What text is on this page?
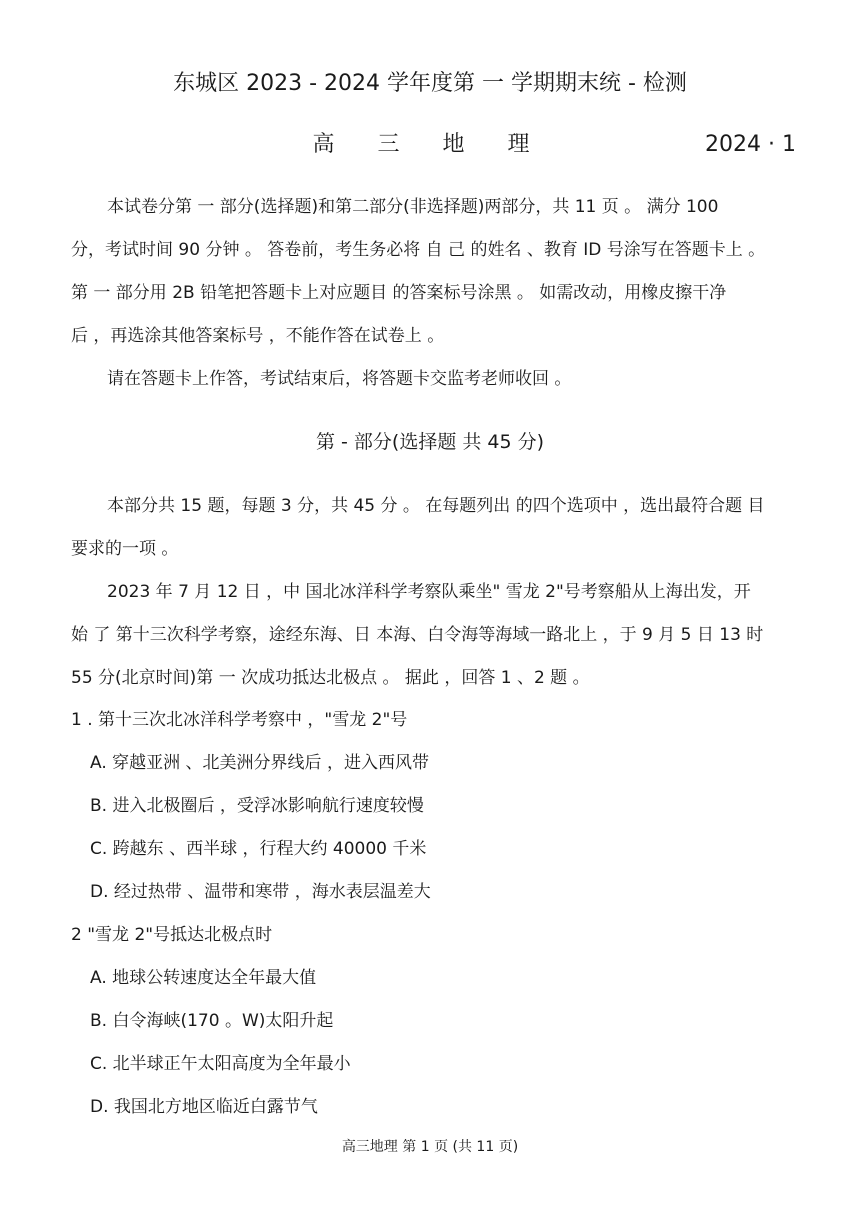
东城区 2023 - 2024 学年度第 一 学期期末统 - 检测
高 三 地 理	2024 · 1
本试卷分第 一 部分(选择题)和第二部分(非选择题)两部分，共 11 页 。 满分 100
分，考试时间 90 分钟 。 答卷前，考生务必将 自 己 的姓名 、教育 ID 号涂写在答题卡上 。
第 一 部分用 2B 铅笔把答题卡上对应题目 的答案标号涂黑 。 如需改动，用橡皮擦干净
后 ，再选涂其他答案标号 ，不能作答在试卷上 。
请在答题卡上作答，考试结束后，将答题卡交监考老师收回 。
第 - 部分(选择题 共 45 分)
本部分共 15 题，每题 3 分，共 45 分 。 在每题列出 的四个选项中 ，选出最符合题 目
要求的一项 。
2023 年 7 月 12 日 ，中 国北冰洋科学考察队乘坐" 雪龙 2"号考察船从上海出发，开
始 了 第十三次科学考察，途经东海、日 本海、白令海等海域一路北上 ，于 9 月 5 日 13 时
55 分(北京时间)第 一 次成功抵达北极点 。 据此 ，回答 1 、2 题 。
1 . 第十三次北冰洋科学考察中 ，"雪龙 2"号
A. 穿越亚洲 、北美洲分界线后 ，进入西风带
B. 进入北极圈后 ，受浮冰影响航行速度较慢
C. 跨越东 、西半球 ，行程大约 40000 千米
D. 经过热带 、温带和寒带 ，海水表层温差大
2 "雪龙 2"号抵达北极点时
A. 地球公转速度达全年最大值
B. 白令海峡(170 。W)太阳升起
C. 北半球正午太阳高度为全年最小
D. 我国北方地区临近白露节气
高三地理 第 1 页 (共 11 页)
